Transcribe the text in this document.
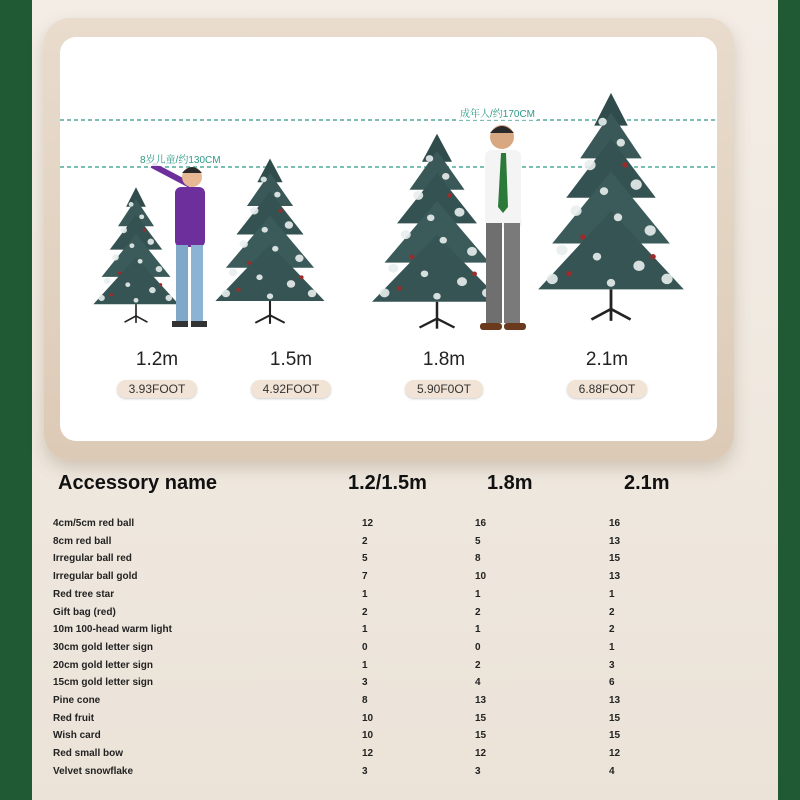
成年人/约170CM
8岁儿童/约130CM
1.2m
3.93FOOT
1.5m
4.92FOOT
1.8m
5.90F0OT
2.1m
6.88FOOT
Accessory name	1.2/1.5m	1.8m	2.1m
4cm/5cm red ball	12	16	16
8cm red ball	2	5	13
Irregular ball red	5	8	15
Irregular ball gold	7	10	13
Red tree star	1	1	1
Gift bag (red)	2	2	2
10m 100-head warm light	1	1	2
30cm gold letter sign	0	0	1
20cm gold letter sign	1	2	3
15cm gold letter sign	3	4	6
Pine cone	8	13	13
Red fruit	10	15	15
Wish card	10	15	15
Red small bow	12	12	12
Velvet snowflake	3	3	4
